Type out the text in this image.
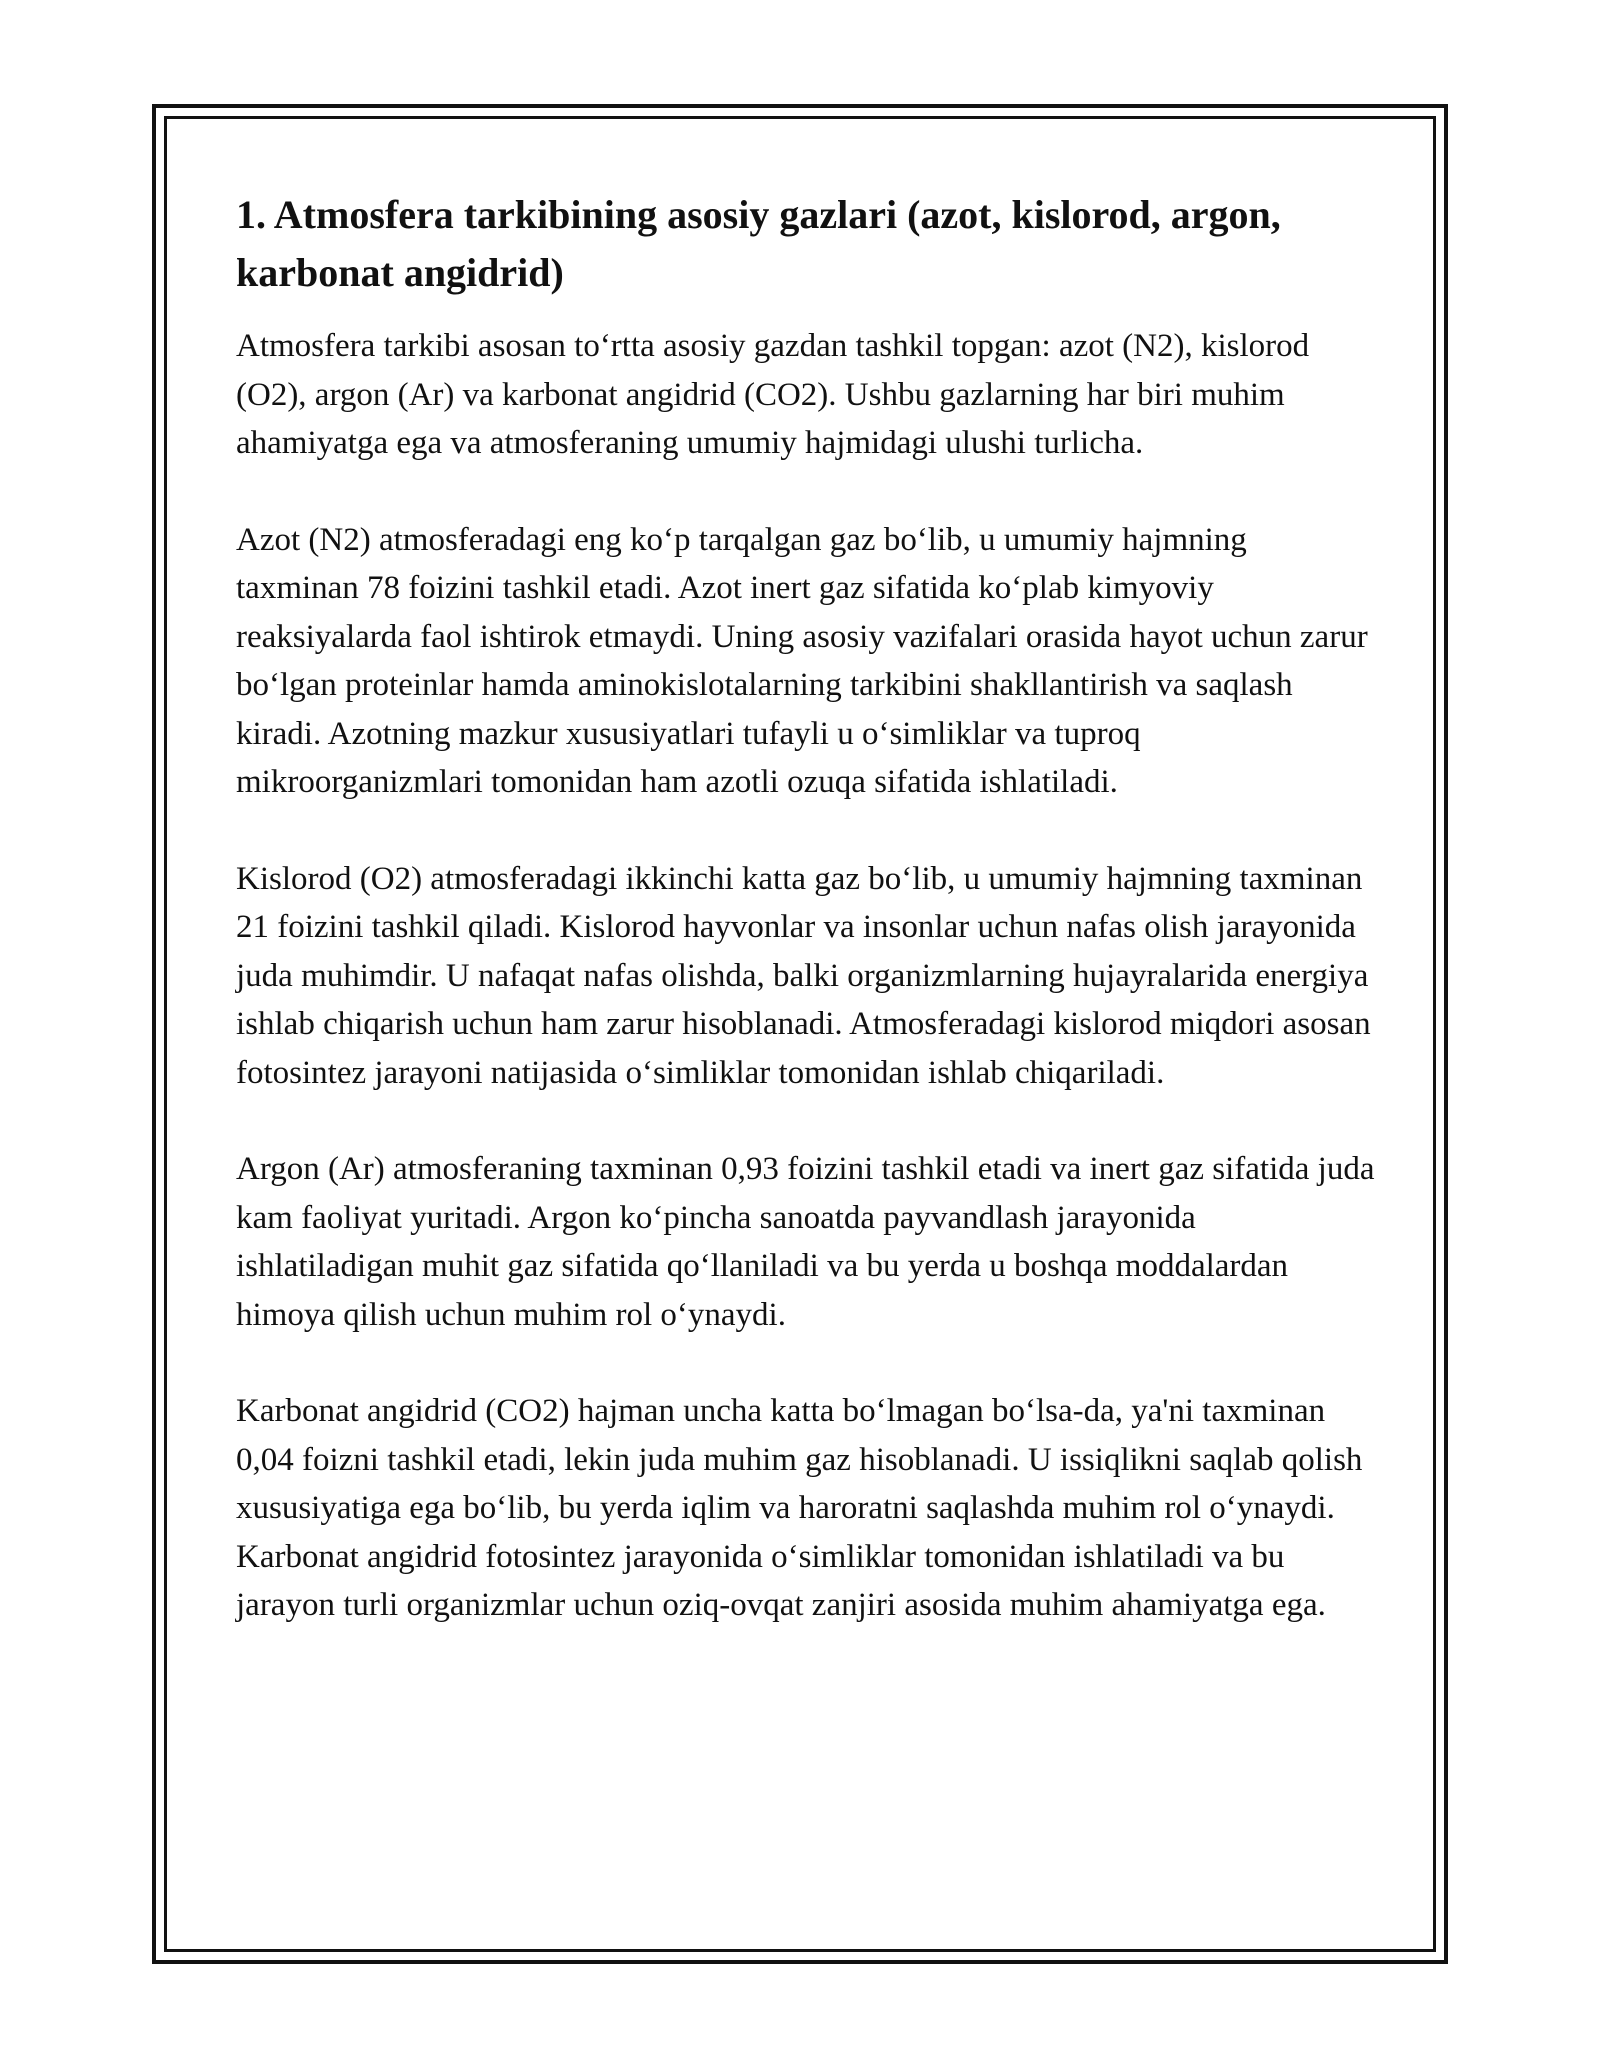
1. Atmosfera tarkibining asosiy gazlari (azot, kislorod, argon, karbonat angidrid)

Atmosfera tarkibi asosan to‘rtta asosiy gazdan tashkil topgan: azot (N2), kislorod (O2), argon (Ar) va karbonat angidrid (CO2). Ushbu gazlarning har biri muhim ahamiyatga ega va atmosferaning umumiy hajmidagi ulushi turlicha.

Azot (N2) atmosferadagi eng ko‘p tarqalgan gaz bo‘lib, u umumiy hajmning taxminan 78 foizini tashkil etadi. Azot inert gaz sifatida ko‘plab kimyoviy reaksiyalarda faol ishtirok etmaydi. Uning asosiy vazifalari orasida hayot uchun zarur bo‘lgan proteinlar hamda aminokislotalarning tarkibini shakllantirish va saqlash kiradi. Azotning mazkur xususiyatlari tufayli u o‘simliklar va tuproq mikroorganizmlari tomonidan ham azotli ozuqa sifatida ishlatiladi.

Kislorod (O2) atmosferadagi ikkinchi katta gaz bo‘lib, u umumiy hajmning taxminan 21 foizini tashkil qiladi. Kislorod hayvonlar va insonlar uchun nafas olish jarayonida juda muhimdir. U nafaqat nafas olishda, balki organizmlarning hujayralarida energiya ishlab chiqarish uchun ham zarur hisoblanadi. Atmosferadagi kislorod miqdori asosan fotosintez jarayoni natijasida o‘simliklar tomonidan ishlab chiqariladi.

Argon (Ar) atmosferaning taxminan 0,93 foizini tashkil etadi va inert gaz sifatida juda kam faoliyat yuritadi. Argon ko‘pincha sanoatda payvandlash jarayonida ishlatiladigan muhit gaz sifatida qo‘llaniladi va bu yerda u boshqa moddalardan himoya qilish uchun muhim rol o‘ynaydi.

Karbonat angidrid (CO2) hajman uncha katta bo‘lmagan bo‘lsa-da, ya'ni taxminan 0,04 foizni tashkil etadi, lekin juda muhim gaz hisoblanadi. U issiqlikni saqlab qolish xususiyatiga ega bo‘lib, bu yerda iqlim va haroratni saqlashda muhim rol o‘ynaydi. Karbonat angidrid fotosintez jarayonida o‘simliklar tomonidan ishlatiladi va bu jarayon turli organizmlar uchun oziq-ovqat zanjiri asosida muhim ahamiyatga ega.
